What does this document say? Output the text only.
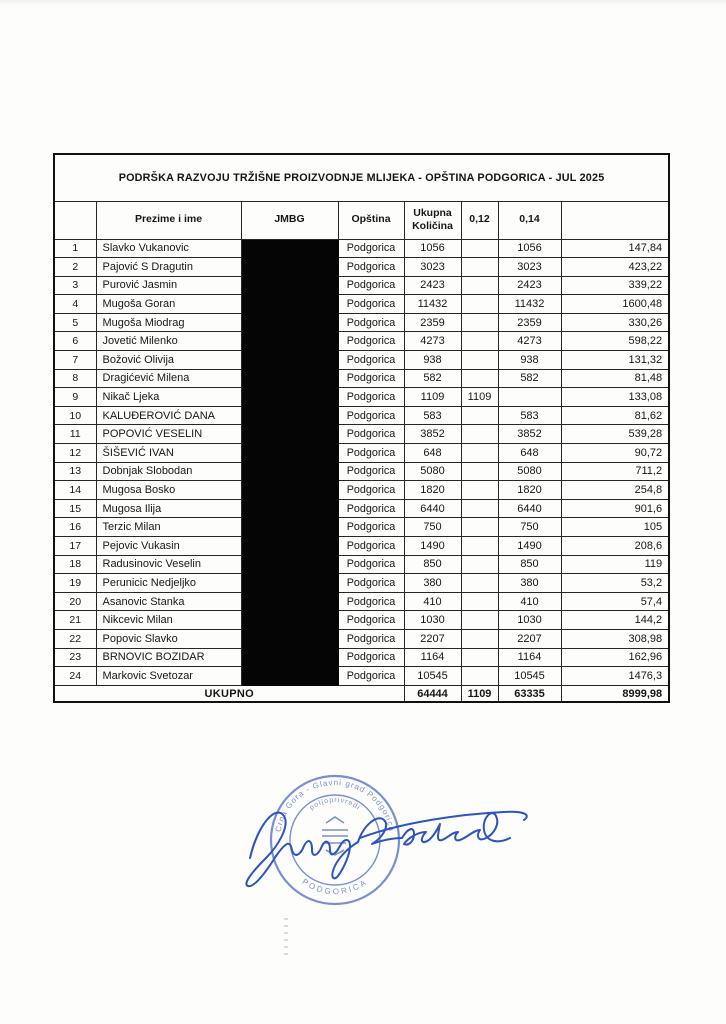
PODRŠKA RAZVOJU TRŽIŠNE PROIZVODNJE MLIJEKA - OPŠTINA PODGORICA - JUL 2025							
	Prezime i ime	JMBG	Opština	Ukupna Količina	0,12	0,14	
1	Slavko Vukanovic		Podgorica	1056		1056	147,84
2	Pajović S Dragutin		Podgorica	3023		3023	423,22
3	Purović Jasmin		Podgorica	2423		2423	339,22
4	Mugoša Goran		Podgorica	11432		11432	1600,48
5	Mugoša Miodrag		Podgorica	2359		2359	330,26
6	Jovetić Milenko		Podgorica	4273		4273	598,22
7	Božović Olivija		Podgorica	938		938	131,32
8	Dragićević Milena		Podgorica	582		582	81,48
9	Nikač Ljeka		Podgorica	1109	1109		133,08
10	KALUĐEROVIĆ DANA		Podgorica	583		583	81,62
11	POPOVIĆ VESELIN		Podgorica	3852		3852	539,28
12	ŠIŠEVIĆ IVAN		Podgorica	648		648	90,72
13	Dobnjak Slobodan		Podgorica	5080		5080	711,2
14	Mugosa Bosko		Podgorica	1820		1820	254,8
15	Mugosa Ilija		Podgorica	6440		6440	901,6
16	Terzic Milan		Podgorica	750		750	105
17	Pejovic Vukasin		Podgorica	1490		1490	208,6
18	Radusinovic Veselin		Podgorica	850		850	119
19	Perunicic Nedjeljko		Podgorica	380		380	53,2
20	Asanovic Stanka		Podgorica	410		410	57,4
21	Nikcevic Milan		Podgorica	1030		1030	144,2
22	Popovic Slavko		Podgorica	2207		2207	308,98
23	BRNOVIC BOZIDAR		Podgorica	1164		1164	162,96
24	Markovic Svetozar		Podgorica	10545		10545	1476,3
UKUPNO				64444	1109	63335	8999,98
Crna Gora - Glavni grad Podgorica
poljoprivredi
PODGORICA
